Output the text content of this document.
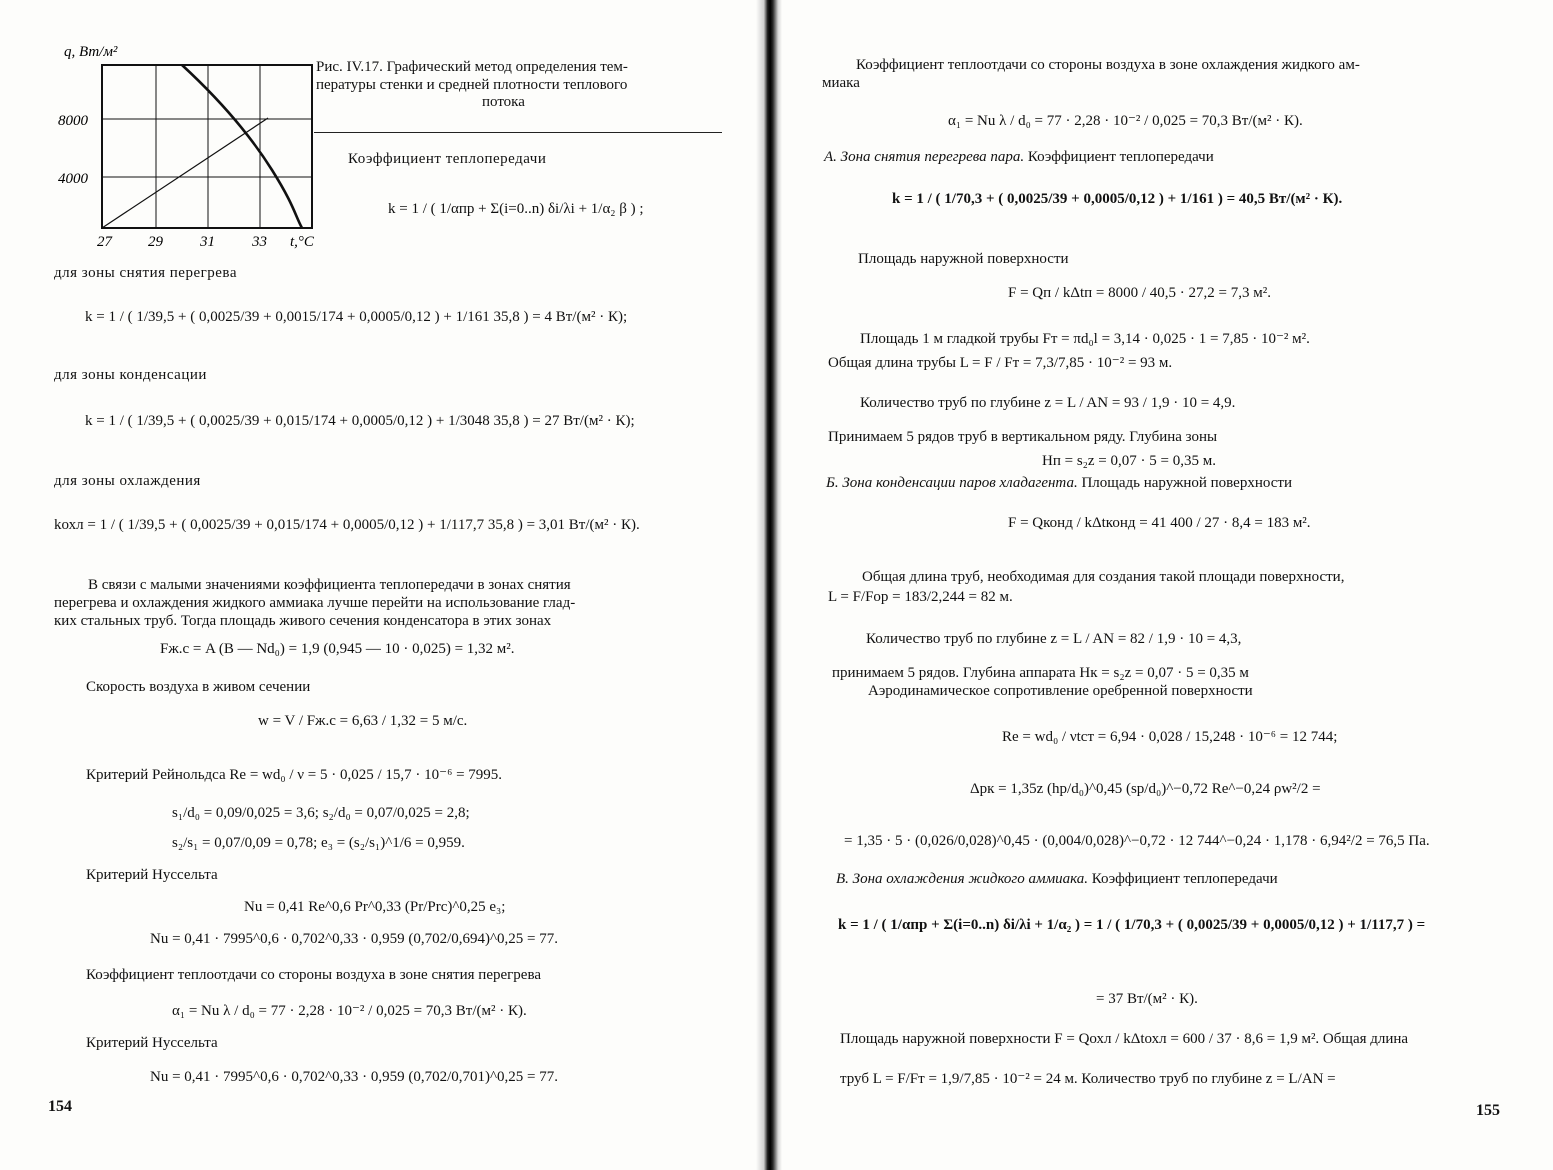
q, Вт/м²
8000
4000
27 29 31 33 t,°C
Рис. IV.17. Графический метод определения тем-
пературы стенки и средней плотности теплового
потока
Коэффициент теплопередачи
k = 1 / ( 1/αпр + Σ(i=0..n) δi/λi + 1/α₂ β ) ;
для зоны снятия перегрева
k = 1 / ( 1/39,5 + ( 0,0025/39 + 0,0015/174 + 0,0005/0,12 ) + 1/161 35,8 ) = 4 Вт/(м² · К);
для зоны конденсации
k = 1 / ( 1/39,5 + ( 0,0025/39 + 0,015/174 + 0,0005/0,12 ) + 1/3048 35,8 ) = 27 Вт/(м² · К);
для зоны охлаждения
kохл = 1 / ( 1/39,5 + ( 0,0025/39 + 0,015/174 + 0,0005/0,12 ) + 1/117,7 35,8 ) = 3,01 Вт/(м² · К).
В связи с малыми значениями коэффициента теплопередачи в зонах снятия
перегрева и охлаждения жидкого аммиака лучше перейти на использование глад-
ких стальных труб. Тогда площадь живого сечения конденсатора в этих зонах
Fж.с = A (B — Nd₀) = 1,9 (0,945 — 10 · 0,025) = 1,32 м².
Скорость воздуха в живом сечении
w = V / Fж.с = 6,63 / 1,32 = 5 м/с.
Критерий Рейнольдса Re = wd₀ / ν = 5 · 0,025 / 15,7 · 10⁻⁶ = 7995.
s₁/d₀ = 0,09/0,025 = 3,6; s₂/d₀ = 0,07/0,025 = 2,8;
s₂/s₁ = 0,07/0,09 = 0,78; e₃ = (s₂/s₁)^1/6 = 0,959.
Критерий Нуссельта
Nu = 0,41 Re^0,6 Pr^0,33 (Pr/Prс)^0,25 e₃;
Nu = 0,41 · 7995^0,6 · 0,702^0,33 · 0,959 (0,702/0,694)^0,25 = 77.
Коэффициент теплоотдачи со стороны воздуха в зоне снятия перегрева
α₁ = Nu λ / d₀ = 77 · 2,28 · 10⁻² / 0,025 = 70,3 Вт/(м² · К).
Критерий Нуссельта
Nu = 0,41 · 7995^0,6 · 0,702^0,33 · 0,959 (0,702/0,701)^0,25 = 77.
154
Коэффициент теплоотдачи со стороны воздуха в зоне охлаждения жидкого ам-
миака
α₁ = Nu λ / d₀ = 77 · 2,28 · 10⁻² / 0,025 = 70,3 Вт/(м² · К).
А. Зона снятия перегрева пара. Коэффициент теплопередачи
k = 1 / ( 1/70,3 + ( 0,0025/39 + 0,0005/0,12 ) + 1/161 ) = 40,5 Вт/(м² · К).
Площадь наружной поверхности
F = Qп / kΔtп = 8000 / 40,5 · 27,2 = 7,3 м².
Площадь 1 м гладкой трубы Fт = πd₀l = 3,14 · 0,025 · 1 = 7,85 · 10⁻² м².
Общая длина трубы L = F / Fт = 7,3/7,85 · 10⁻² = 93 м.
Количество труб по глубине z = L / AN = 93 / 1,9 · 10 = 4,9.
Принимаем 5 рядов труб в вертикальном ряду. Глубина зоны
Hп = s₂z = 0,07 · 5 = 0,35 м.
Б. Зона конденсации паров хладагента. Площадь наружной поверхности
F = Qконд / kΔtконд = 41 400 / 27 · 8,4 = 183 м².
Общая длина труб, необходимая для создания такой площади поверхности,
L = F/Fор = 183/2,244 = 82 м.
Количество труб по глубине z = L / AN = 82 / 1,9 · 10 = 4,3,
принимаем 5 рядов. Глубина аппарата Hк = s₂z = 0,07 · 5 = 0,35 м
Аэродинамическое сопротивление оребренной поверхности
Re = wd₀ / νtст = 6,94 · 0,028 / 15,248 · 10⁻⁶ = 12 744;
Δpк = 1,35z (hр/d₀)^0,45 (sр/d₀)^−0,72 Re^−0,24 ρw²/2 =
= 1,35 · 5 · (0,026/0,028)^0,45 · (0,004/0,028)^−0,72 · 12 744^−0,24 · 1,178 · 6,94²/2 = 76,5 Па.
В. Зона охлаждения жидкого аммиака. Коэффициент теплопередачи
k = 1 / ( 1/αпр + Σ(i=0..n) δi/λi + 1/α₂ ) = 1 / ( 1/70,3 + ( 0,0025/39 + 0,0005/0,12 ) + 1/117,7 ) =
= 37 Вт/(м² · К).
Площадь наружной поверхности F = Qохл / kΔtохл = 600 / 37 · 8,6 = 1,9 м². Общая длина
труб L = F/Fт = 1,9/7,85 · 10⁻² = 24 м. Количество труб по глубине z = L/AN =
155
